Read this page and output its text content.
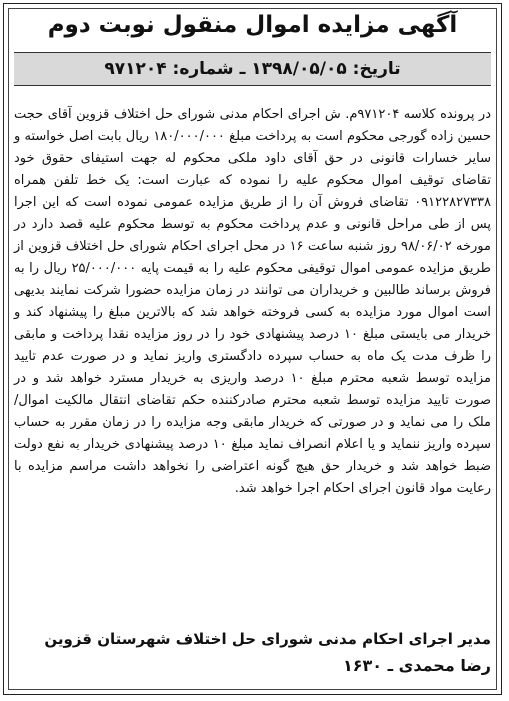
آگهی مزایده اموال منقول نوبت دوم
تاریخ: ۱۳۹۸/۰۵/۰۵ ـ شماره: ۹۷۱۲۰۴
در پرونده کلاسه ۹۷۱۲۰۴م. ش اجرای احکام مدنی شورای حل اختلاف قزوین آقای حجت حسین زاده گورجی محکوم است به پرداخت مبلغ ۱۸۰/۰۰۰/۰۰۰ ریال بابت اصل خواسته و سایر خسارات قانونی در حق آقای داود ملکی محکوم له جهت استیفای حقوق خود تقاضای توقیف اموال محکوم علیه را نموده که عبارت است: یک خط تلفن همراه ۰۹۱۲۲۸۲۷۳۳۸ تقاضای فروش آن را از طریق مزایده عمومی نموده است که این اجرا پس از طی مراحل قانونی و عدم پرداخت محکوم به توسط محکوم علیه قصد دارد در مورخه ۹۸/۰۶/۰۲ روز شنبه ساعت ۱۶ در محل اجرای احکام شورای حل اختلاف قزوین از طریق مزایده عمومی اموال توقیفی محکوم علیه را به قیمت پایه ۲۵/۰۰۰/۰۰۰ ریال را به فروش برساند طالبین و خریداران می توانند در زمان مزایده حضورا شرکت نمایند بدیهی است اموال مورد مزایده به کسی فروخته خواهد شد که بالاترین مبلغ را پیشنهاد کند و خریدار می بایستی مبلغ ۱۰ درصد پیشنهادی خود را در روز مزایده نقدا پرداخت و مابقی را ظرف مدت یک ماه به حساب سپرده دادگستری واریز نماید و در صورت عدم تایید مزایده توسط شعبه محترم مبلغ ۱۰ درصد واریزی به خریدار مسترد خواهد شد و در صورت تایید مزایده توسط شعبه محترم صادرکننده حکم تقاضای انتقال مالکیت اموال/ملک را می نماید و در صورتی که خریدار مابقی وجه مزایده را در زمان مقرر به حساب سپرده واریز ننماید و یا اعلام انصراف نماید مبلغ ۱۰ درصد پیشنهادی خریدار به نفع دولت ضبط خواهد شد و خریدار حق هیچ گونه اعتراضی را نخواهد داشت مراسم مزایده با رعایت مواد قانون اجرای احکام اجرا خواهد شد.
مدیر اجرای احکام مدنی شورای حل اختلاف شهرستان قزوین
رضا محمدی ـ ۱۶۳۰
